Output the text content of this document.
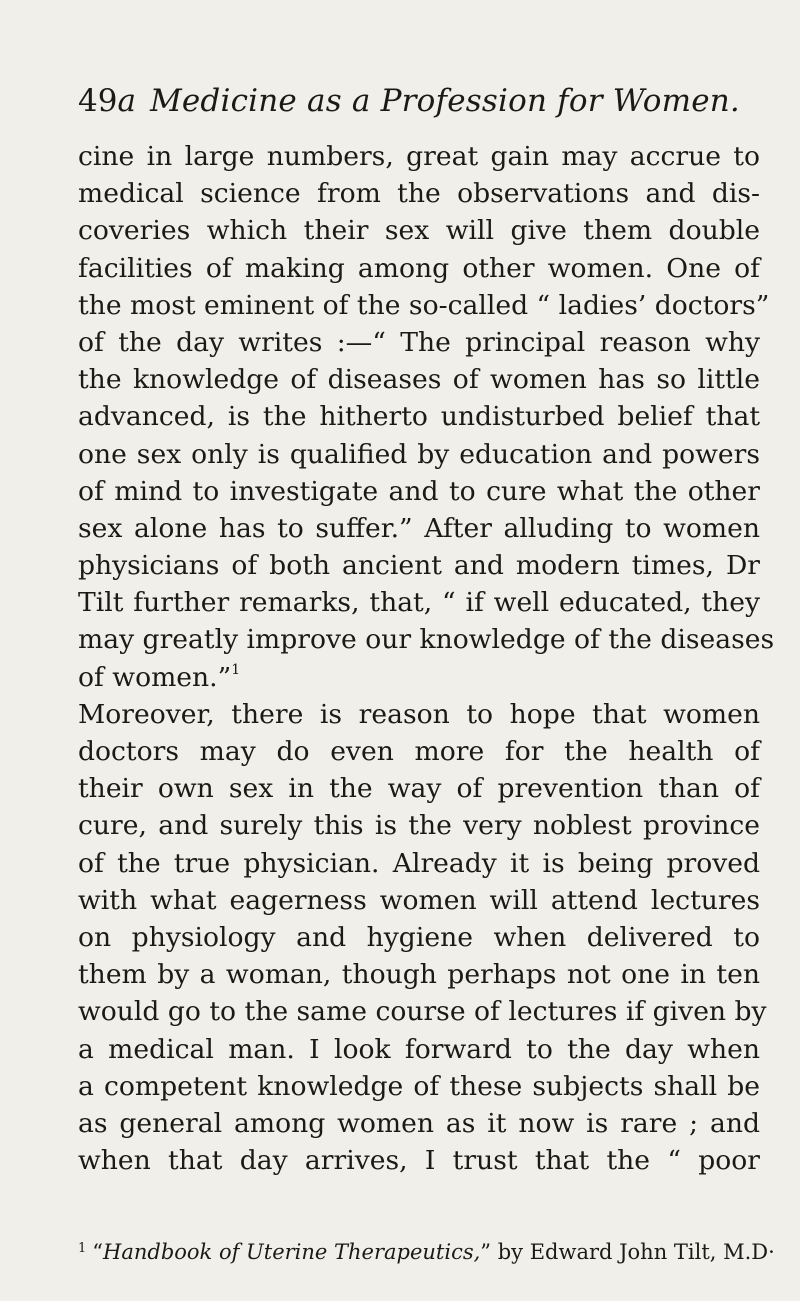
49a Medicine as a Profession for Women.
cine in large numbers, great gain may accrue to
medical science from the observations and dis-
coveries which their sex will give them double
facilities of making among other women. One of
the most eminent of the so-called “ ladies’ doctors”
of the day writes :—“ The principal reason why
the knowledge of diseases of women has so little
advanced, is the hitherto undisturbed belief that
one sex only is qualified by education and powers
of mind to investigate and to cure what the other
sex alone has to suffer.” After alluding to women
physicians of both ancient and modern times, Dr
Tilt further remarks, that, “ if well educated, they
may greatly improve our knowledge of the diseases
of women.”$^1$
Moreover, there is reason to hope that women
doctors may do even more for the health of
their own sex in the way of prevention than of
cure, and surely this is the very noblest province
of the true physician. Already it is being proved
with what eagerness women will attend lectures
on physiology and hygiene when delivered to
them by a woman, though perhaps not one in ten
would go to the same course of lectures if given by
a medical man. I look forward to the day when
a competent knowledge of these subjects shall be
as general among women as it now is rare ; and
when that day arrives, I trust that the “ poor
$^1$ “Handbook of Uterine Therapeutics,” by Edward John Tilt, M.D·
